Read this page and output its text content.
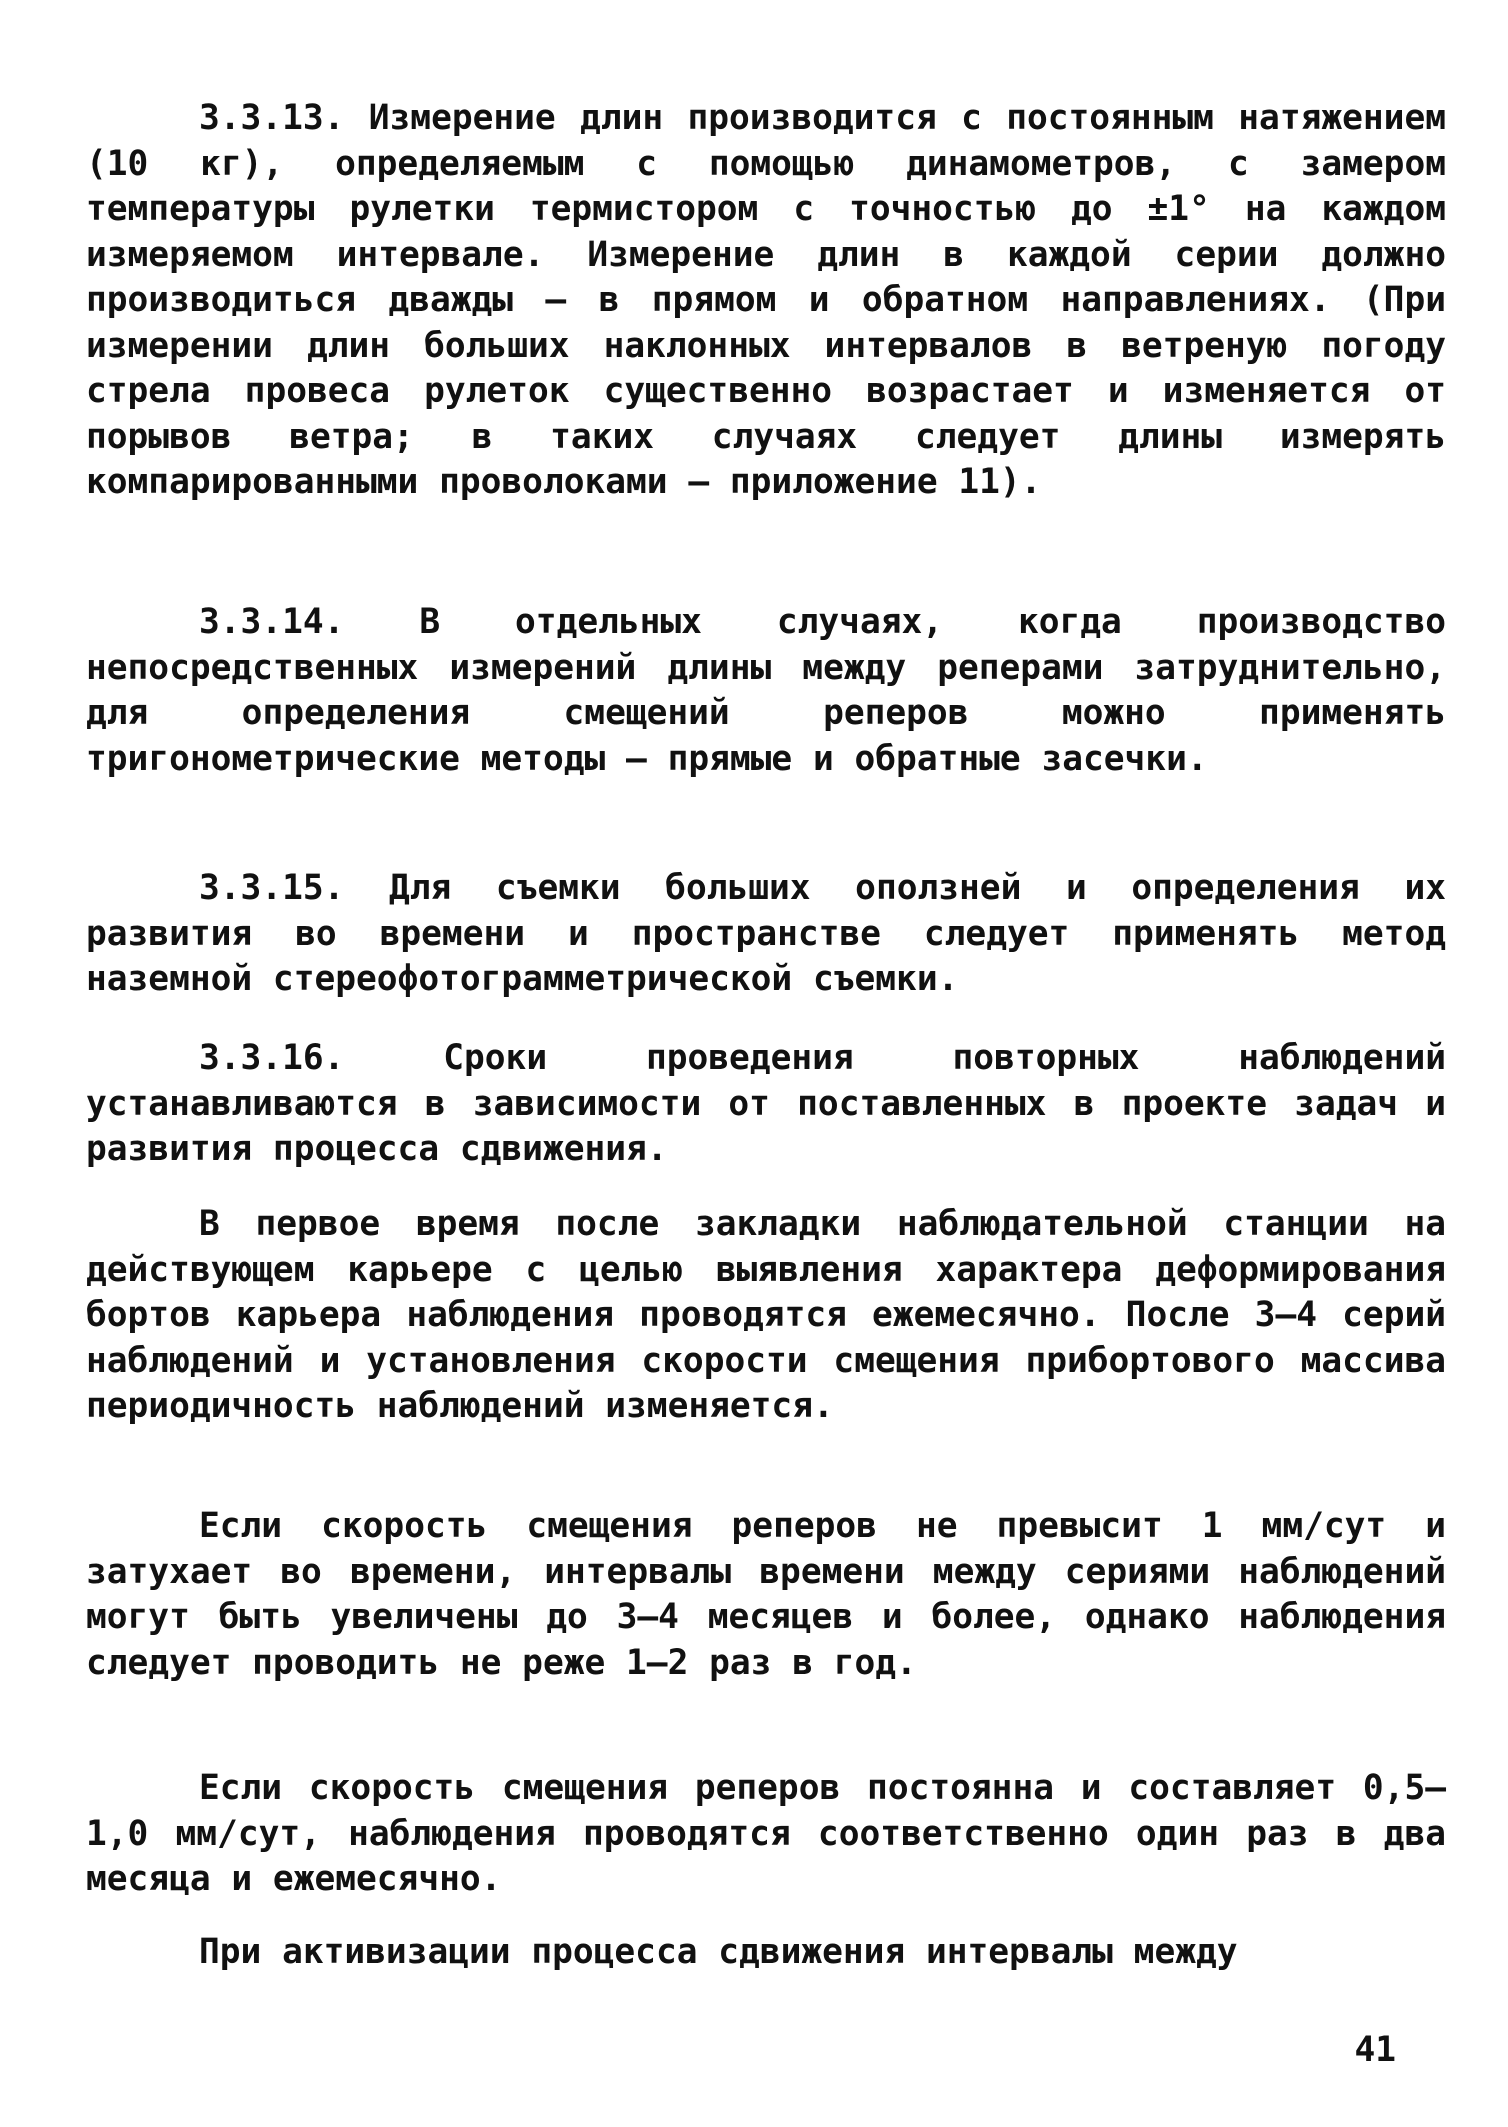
3.3.13. Измерение длин производится с постоянным натяжением (10 кг), определяемым с помощью динамометров, с замером температуры рулетки термистором с точностью до ±1° на каждом измеряемом интервале. Измерение длин в каждой серии должно производиться дважды – в прямом и обратном направлениях. (При измерении длин больших наклонных интервалов в ветреную погоду стрела провеса рулеток существенно возрастает и изменяется от порывов ветра; в таких случаях следует длины измерять компарированными проволоками – приложение 11).

3.3.14. В отдельных случаях, когда производство непосредственных измерений длины между реперами затруднительно, для определения смещений реперов можно применять тригонометрические методы – прямые и обратные засечки.

3.3.15. Для съемки больших оползней и определения их развития во времени и пространстве следует применять метод наземной стереофотограмметрической съемки.

3.3.16. Сроки проведения повторных наблюдений устанавливаются в зависимости от поставленных в проекте задач и развития процесса сдвижения.

В первое время после закладки наблюдательной станции на действующем карьере с целью выявления характера деформирования бортов карьера наблюдения проводятся ежемесячно. После 3–4 серий наблюдений и установления скорости смещения прибортового массива периодичность наблюдений изменяется.

Если скорость смещения реперов не превысит 1 мм/сут и затухает во времени, интервалы времени между сериями наблюдений могут быть увеличены до 3–4 месяцев и более, однако наблюдения следует проводить не реже 1–2 раз в год.

Если скорость смещения реперов постоянна и составляет 0,5–1,0 мм/сут, наблюдения проводятся соответственно один раз в два месяца и ежемесячно.

При активизации процесса сдвижения интервалы между

41
